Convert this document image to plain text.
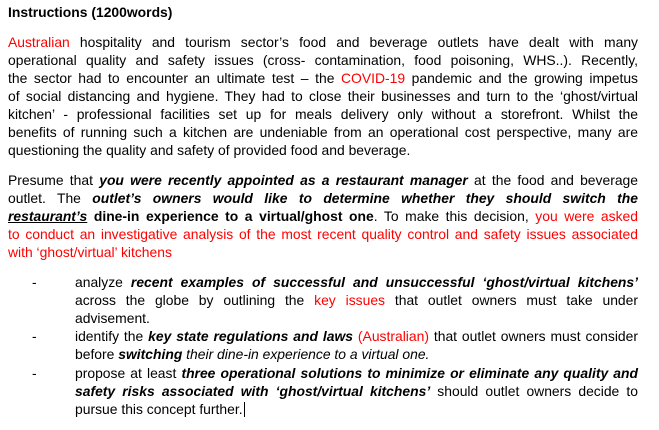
Instructions (1200words)
Australian hospitality and tourism sector’s food and beverage outlets have dealt with many
operational quality and safety issues (cross- contamination, food poisoning, WHS..). Recently,
the sector had to encounter an ultimate test – the COVID-19 pandemic and the growing impetus
of social distancing and hygiene. They had to close their businesses and turn to the ‘ghost/virtual
kitchen’ - professional facilities set up for meals delivery only without a storefront. Whilst the
benefits of running such a kitchen are undeniable from an operational cost perspective, many are
questioning the quality and safety of provided food and beverage.
Presume that you were recently appointed as a restaurant manager at the food and beverage
outlet. The outlet’s owners would like to determine whether they should switch the
restaurant’s dine-in experience to a virtual/ghost one. To make this decision, you were asked
to conduct an investigative analysis of the most recent quality control and safety issues associated
with ‘ghost/virtual’ kitchens
-	analyze recent examples of successful and unsuccessful ‘ghost/virtual kitchens’
across the globe by outlining the key issues that outlet owners must take under
advisement.
-	identify the key state regulations and laws (Australian) that outlet owners must consider
before switching their dine-in experience to a virtual one.
-	propose at least three operational solutions to minimize or eliminate any quality and
safety risks associated with ‘ghost/virtual kitchens’ should outlet owners decide to
pursue this concept further.
